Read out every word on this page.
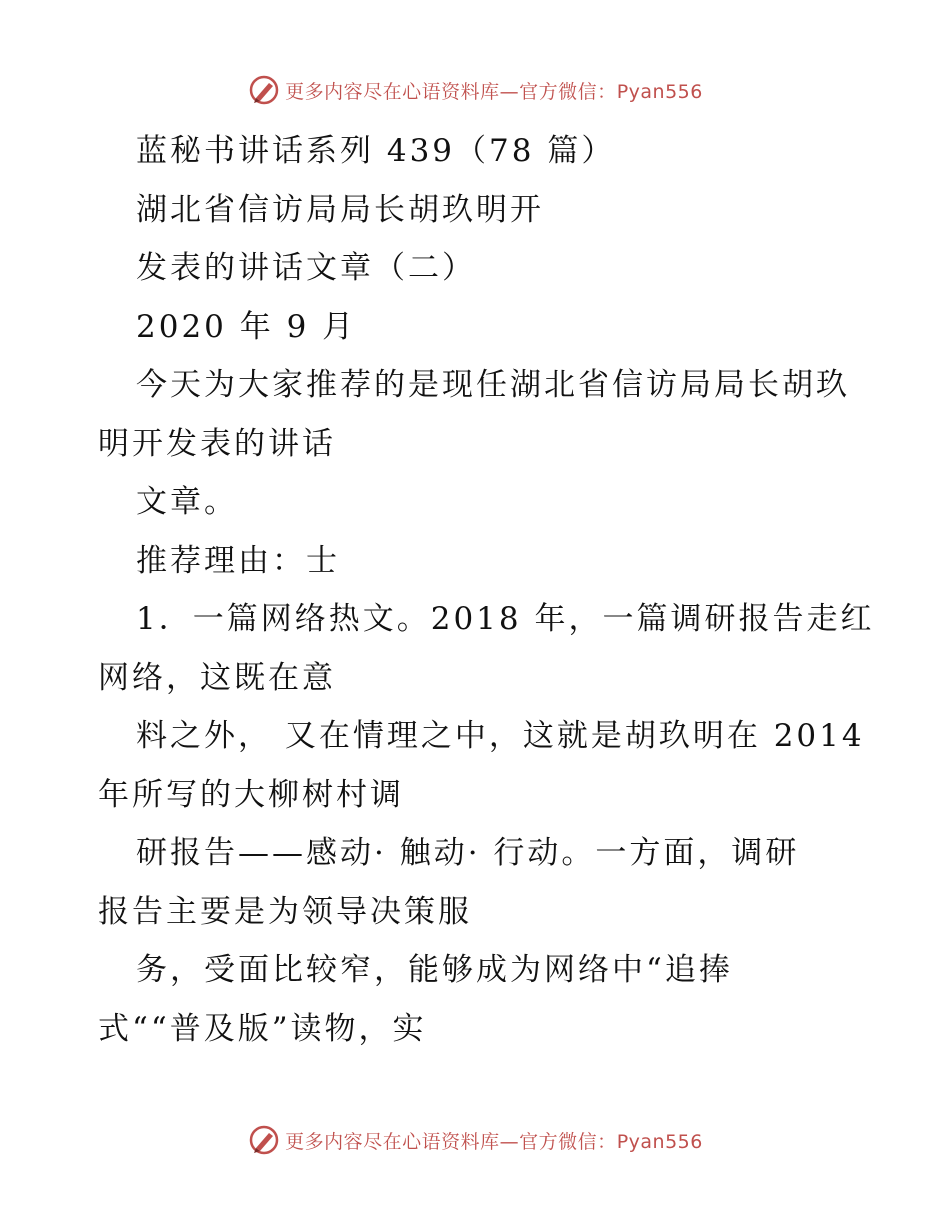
更多内容尽在心语资料库—官方微信：Pyan556
蓝秘书讲话系列 439（78 篇）
湖北省信访局局长胡玖明开
发表的讲话文章（二）
2020 年 9 月
今天为大家推荐的是现任湖北省信访局局长胡玖
明开发表的讲话
文章。
推荐理由：士
1．一篇网络热文。2018 年，一篇调研报告走红
网络，这既在意
料之外， 又在情理之中，这就是胡玖明在 2014
年所写的大柳树村调
研报告——感动· 触动· 行动。一方面，调研
报告主要是为领导决策服
务，受面比较窄，能够成为网络中“追捧
式““普及版”读物，实
更多内容尽在心语资料库—官方微信：Pyan556
